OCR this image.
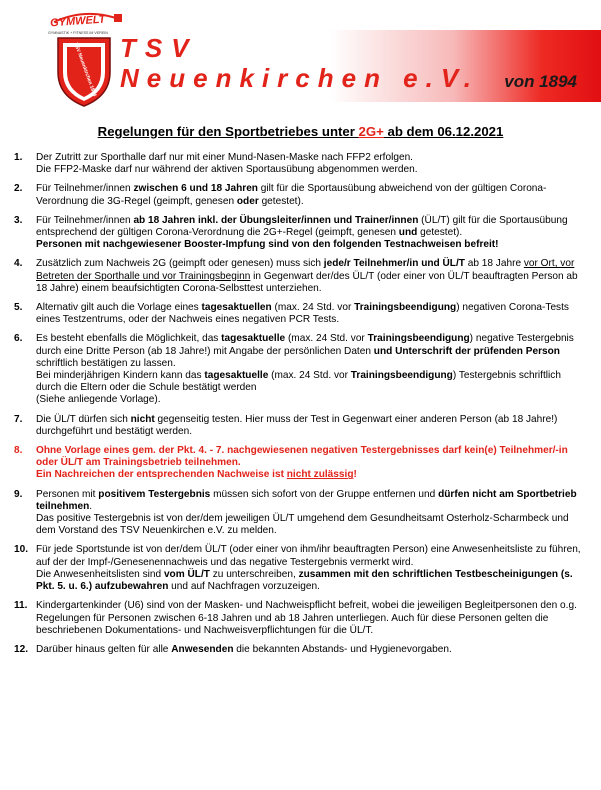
GYMWELT
GYMNASTIK + FITNESS IM VEREIN
TSV Neuenkirchen 1894 TSV
Neuenkirchen e.V. von 1894
Regelungen für den Sportbetriebes unter 2G+ ab dem 06.12.2021
1. Der Zutritt zur Sporthalle darf nur mit einer Mund-Nasen-Maske nach FFP2 erfolgen.

Die FFP2-Maske darf nur während der aktiven Sportausübung abgenommen werden.

2. Für Teilnehmer/innen zwischen 6 und 18 Jahren gilt für die Sportausübung abweichend von der gültigen Corona-Verordnung die 3G-Regel (geimpft, genesen oder getestet).

3. Für Teilnehmer/innen ab 18 Jahren inkl. der Übungsleiter/innen und Trainer/innen (ÜL/T) gilt für die Sportausübung entsprechend der gültigen Corona-Verordnung die 2G+-Regel (geimpft, genesen und getestet).

Personen mit nachgewiesener Booster-Impfung sind von den folgenden Testnachweisen befreit!

4. Zusätzlich zum Nachweis 2G (geimpft oder genesen) muss sich jede/r Teilnehmer/in und ÜL/T ab 18 Jahre vor Ort, vor Betreten der Sporthalle und vor Trainingsbeginn in Gegenwart der/des ÜL/T (oder einer von ÜL/T beauftragten Person ab 18 Jahre) einem beaufsichtigten Corona-Selbsttest unterziehen.

5. Alternativ gilt auch die Vorlage eines tagesaktuellen (max. 24 Std. vor Trainingsbeendigung) negativen Corona-Tests eines Testzentrums, oder der Nachweis eines negativen PCR Tests.

6. Es besteht ebenfalls die Möglichkeit, das tagesaktuelle (max. 24 Std. vor Trainingsbeendigung) negative Testergebnis durch eine Dritte Person (ab 18 Jahre!) mit Angabe der persönlichen Daten und Unterschrift der prüfenden Person schriftlich bestätigen zu lassen.

Bei minderjährigen Kindern kann das tagesaktuelle (max. 24 Std. vor Trainingsbeendigung) Testergebnis schriftlich durch die Eltern oder die Schule bestätigt werden

(Siehe anliegende Vorlage).

7. Die ÜL/T dürfen sich nicht gegenseitig testen. Hier muss der Test in Gegenwart einer anderen Person (ab 18 Jahre!) durchgeführt und bestätigt werden.

8. Ohne Vorlage eines gem. der Pkt. 4. - 7. nachgewiesenen negativen Testergebnisses darf kein(e) Teilnehmer/-in oder ÜL/T am Trainingsbetrieb teilnehmen.

Ein Nachreichen der entsprechenden Nachweise ist nicht zulässig!

9. Personen mit positivem Testergebnis müssen sich sofort von der Gruppe entfernen und dürfen nicht am Sportbetrieb teilnehmen.

Das positive Testergebnis ist von der/dem jeweiligen ÜL/T umgehend dem Gesundheitsamt Osterholz-Scharmbeck und dem Vorstand des TSV Neuenkirchen e.V. zu melden.

10. Für jede Sportstunde ist von der/dem ÜL/T (oder einer von ihm/ihr beauftragten Person) eine Anwesenheitsliste zu führen, auf der der Impf-/Genesenennachweis und das negative Testergebnis vermerkt wird.

Die Anwesenheitslisten sind vom ÜL/T zu unterschreiben, zusammen mit den schriftlichen Testbescheinigungen (s. Pkt. 5. u. 6.) aufzubewahren und auf Nachfragen vorzuzeigen.

11. Kindergartenkinder (U6) sind von der Masken- und Nachweispflicht befreit, wobei die jeweiligen Begleitpersonen den o.g. Regelungen für Personen zwischen 6-18 Jahren und ab 18 Jahren unterliegen. Auch für diese Personen gelten die beschriebenen Dokumentations- und Nachweisverpflichtungen für die ÜL/T.

12. Darüber hinaus gelten für alle Anwesenden die bekannten Abstands- und Hygienevorgaben.
